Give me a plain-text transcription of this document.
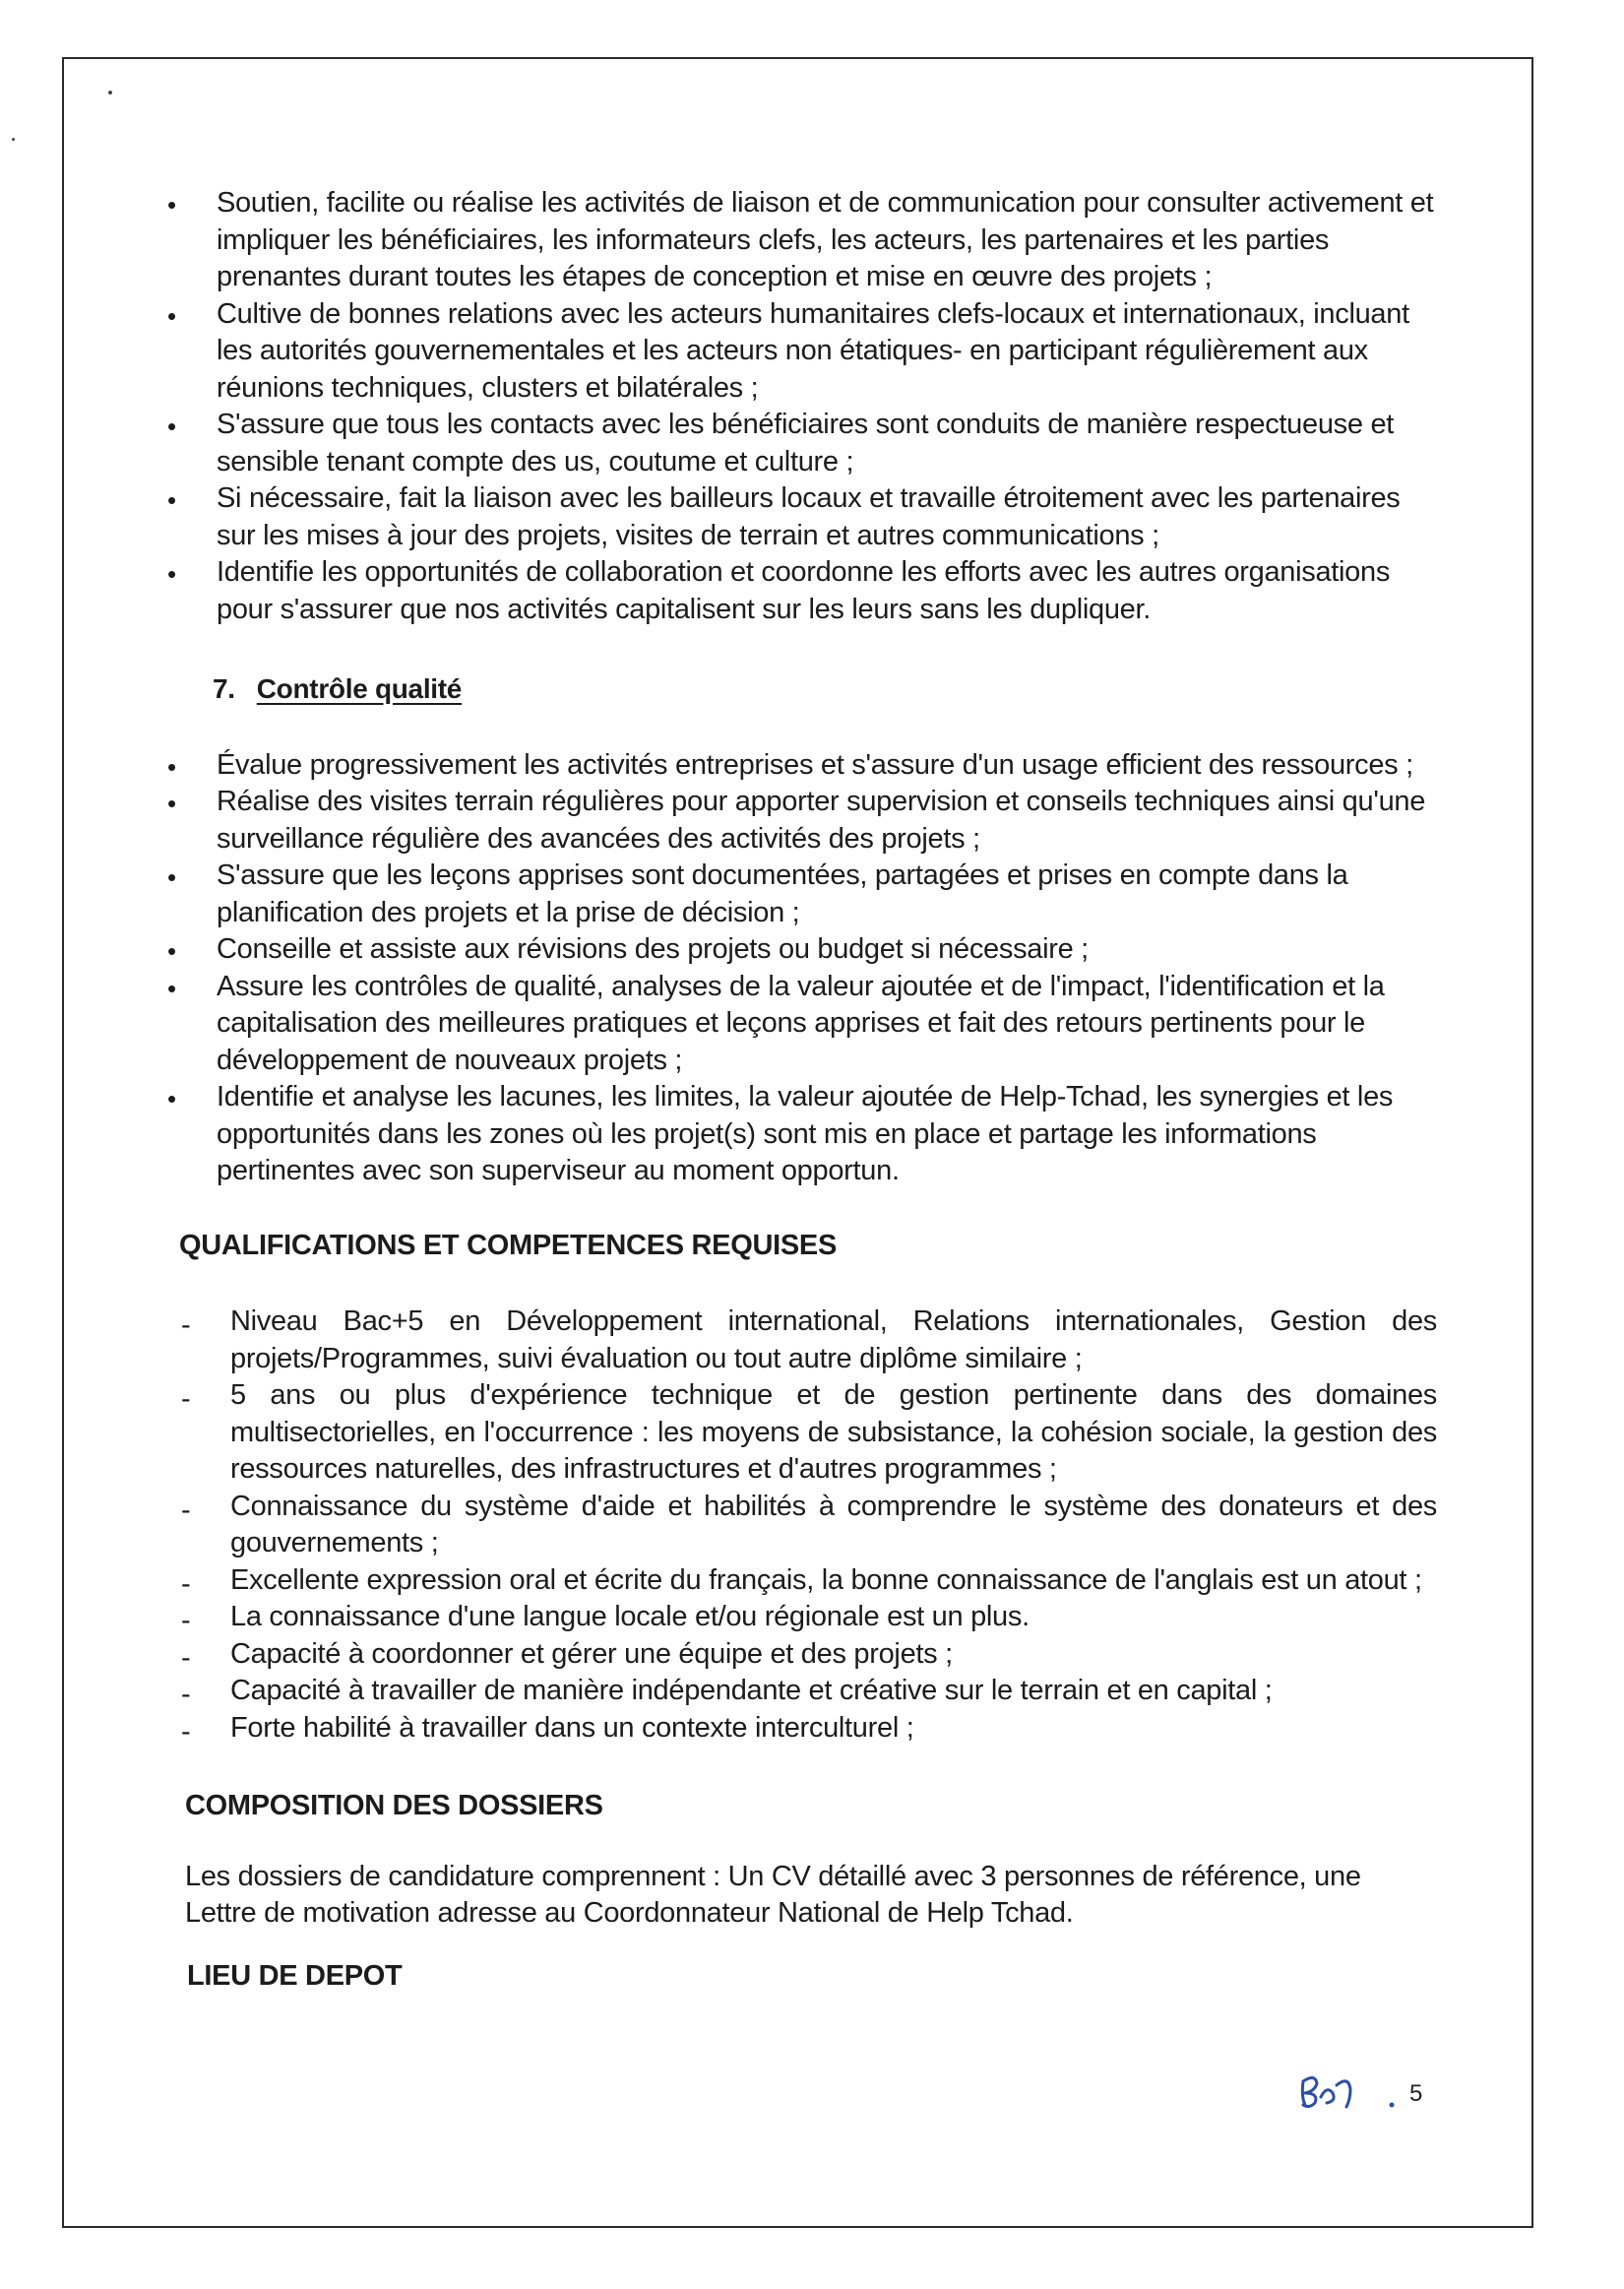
• Soutien, facilite ou réalise les activités de liaison et de communication pour consulter activement et impliquer les bénéficiaires, les informateurs clefs, les acteurs, les partenaires et les parties prenantes durant toutes les étapes de conception et mise en œuvre des projets ;
• Cultive de bonnes relations avec les acteurs humanitaires clefs-locaux et internationaux, incluant les autorités gouvernementales et les acteurs non étatiques- en participant régulièrement aux réunions techniques, clusters et bilatérales ;
• S'assure que tous les contacts avec les bénéficiaires sont conduits de manière respectueuse et sensible tenant compte des us, coutume et culture ;
• Si nécessaire, fait la liaison avec les bailleurs locaux et travaille étroitement avec les partenaires sur les mises à jour des projets, visites de terrain et autres communications ;
• Identifie les opportunités de collaboration et coordonne les efforts avec les autres organisations pour s'assurer que nos activités capitalisent sur les leurs sans les dupliquer.
7. Contrôle qualité
• Évalue progressivement les activités entreprises et s'assure d'un usage efficient des ressources ;
• Réalise des visites terrain régulières pour apporter supervision et conseils techniques ainsi qu'une surveillance régulière des avancées des activités des projets ;
• S'assure que les leçons apprises sont documentées, partagées et prises en compte dans la planification des projets et la prise de décision ;
• Conseille et assiste aux révisions des projets ou budget si nécessaire ;
• Assure les contrôles de qualité, analyses de la valeur ajoutée et de l'impact, l'identification et la capitalisation des meilleures pratiques et leçons apprises et fait des retours pertinents pour le développement de nouveaux projets ;
• Identifie et analyse les lacunes, les limites, la valeur ajoutée de Help-Tchad, les synergies et les opportunités dans les zones où les projet(s) sont mis en place et partage les informations pertinentes avec son superviseur au moment opportun.
QUALIFICATIONS ET COMPETENCES REQUISES
- Niveau Bac+5 en Développement international, Relations internationales, Gestion des projets/Programmes, suivi évaluation ou tout autre diplôme similaire ;
- 5 ans ou plus d'expérience technique et de gestion pertinente dans des domaines multisectorielles, en l'occurrence : les moyens de subsistance, la cohésion sociale, la gestion des ressources naturelles, des infrastructures et d'autres programmes ;
- Connaissance du système d'aide et habilités à comprendre le système des donateurs et des gouvernements ;
- Excellente expression oral et écrite du français, la bonne connaissance de l'anglais est un atout ;
- La connaissance d'une langue locale et/ou régionale est un plus.
- Capacité à coordonner et gérer une équipe et des projets ;
- Capacité à travailler de manière indépendante et créative sur le terrain et en capital ;
- Forte habilité à travailler dans un contexte interculturel ;
COMPOSITION DES DOSSIERS
Les dossiers de candidature comprennent : Un CV détaillé avec 3 personnes de référence, une Lettre de motivation adresse au Coordonnateur National de Help Tchad.
LIEU DE DEPOT
5
